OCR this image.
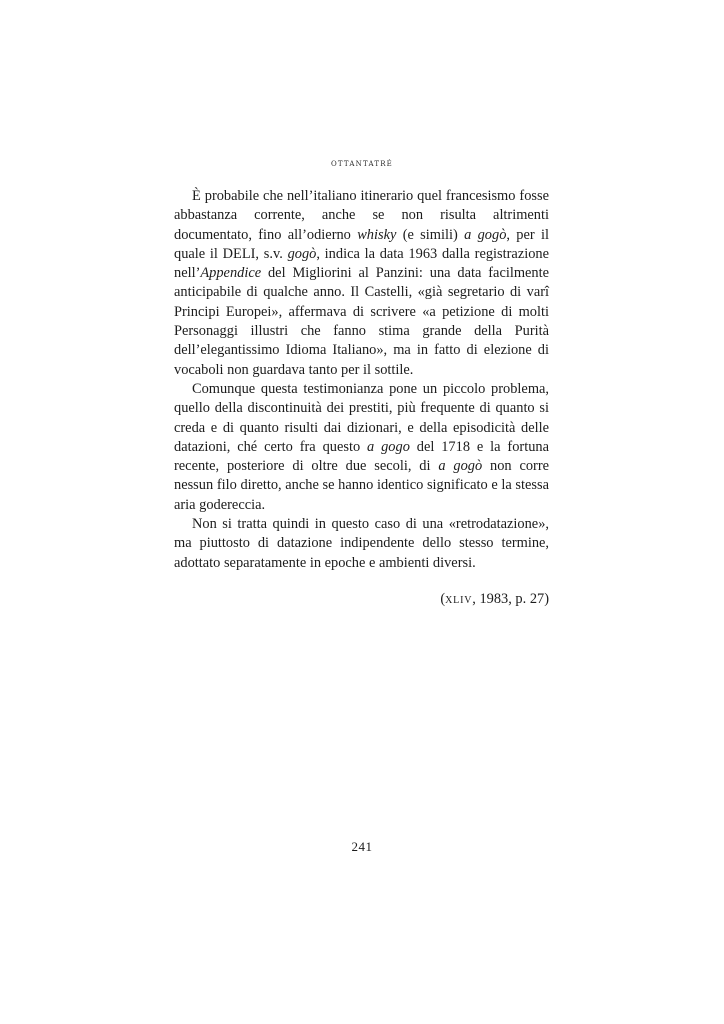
ottantatré

È probabile che nell’italiano itinerario quel francesismo fosse abbastanza corrente, anche se non risulta altrimenti documentato, fino all’odierno whisky (e simili) a gogò, per il quale il DELI, s.v. gogò, indica la data 1963 dalla registrazione nell’Appendice del Migliorini al Panzini: una data facilmente anticipabile di qualche anno. Il Castelli, «già segretario di varî Principi Europei», affermava di scrivere «a petizione di molti Personaggi illustri che fanno stima grande della Purità dell’elegantissimo Idioma Italiano», ma in fatto di elezione di vocaboli non guardava tanto per il sottile.

Comunque questa testimonianza pone un piccolo problema, quello della discontinuità dei prestiti, più frequente di quanto si creda e di quanto risulti dai dizionari, e della episodicità delle datazioni, ché certo fra questo a gogo del 1718 e la fortuna recente, posteriore di oltre due secoli, di a gogò non corre nessun filo diretto, anche se hanno identico significato e la stessa aria godereccia.

Non si tratta quindi in questo caso di una «retrodatazione», ma piuttosto di datazione indipendente dello stesso termine, adottato separatamente in epoche e ambienti diversi.

(xliv, 1983, p. 27)
241
